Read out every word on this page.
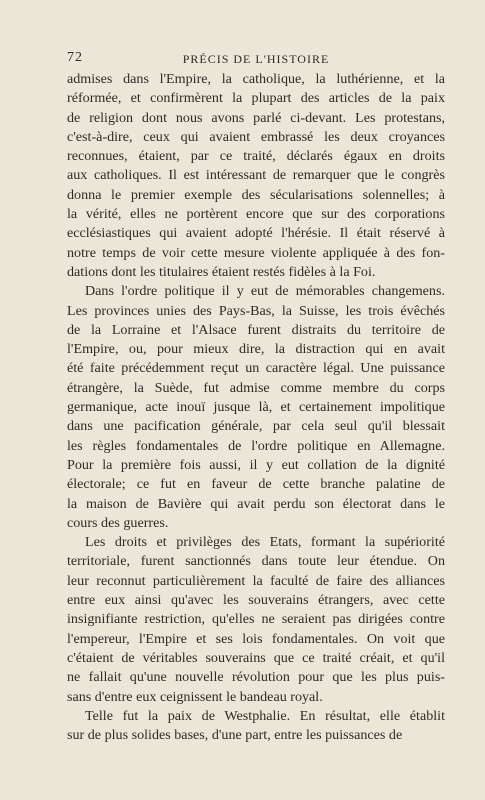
72	PRÉCIS DE L'HISTOIRE
admises dans l'Empire, la catholique, la luthérienne, et la
réformée, et confirmèrent la plupart des articles de la paix
de religion dont nous avons parlé ci-devant. Les protestans,
c'est-à-dire, ceux qui avaient embrassé les deux croyances
reconnues, étaient, par ce traité, déclarés égaux en droits
aux catholiques. Il est intéressant de remarquer que le congrès
donna le premier exemple des sécularisations solennelles; à
la vérité, elles ne portèrent encore que sur des corporations
ecclésiastiques qui avaient adopté l'hérésie. Il était réservé à
notre temps de voir cette mesure violente appliquée à des fon-
dations dont les titulaires étaient restés fidèles à la Foi.
Dans l'ordre politique il y eut de mémorables changemens.
Les provinces unies des Pays-Bas, la Suisse, les trois évêchés
de la Lorraine et l'Alsace furent distraits du territoire de
l'Empire, ou, pour mieux dire, la distraction qui en avait
été faite précédemment reçut un caractère légal. Une puissance
étrangère, la Suède, fut admise comme membre du corps
germanique, acte inouï jusque là, et certainement impolitique
dans une pacification générale, par cela seul qu'il blessait
les règles fondamentales de l'ordre politique en Allemagne.
Pour la première fois aussi, il y eut collation de la dignité
électorale; ce fut en faveur de cette branche palatine de
la maison de Bavière qui avait perdu son électorat dans le
cours des guerres.
Les droits et privilèges des Etats, formant la supériorité
territoriale, furent sanctionnés dans toute leur étendue. On
leur reconnut particulièrement la faculté de faire des alliances
entre eux ainsi qu'avec les souverains étrangers, avec cette
insignifiante restriction, qu'elles ne seraient pas dirigées contre
l'empereur, l'Empire et ses lois fondamentales. On voit que
c'étaient de véritables souverains que ce traité créait, et qu'il
ne fallait qu'une nouvelle révolution pour que les plus puis-
sans d'entre eux ceignissent le bandeau royal.
Telle fut la paix de Westphalie. En résultat, elle établit
sur de plus solides bases, d'une part, entre les puissances de
